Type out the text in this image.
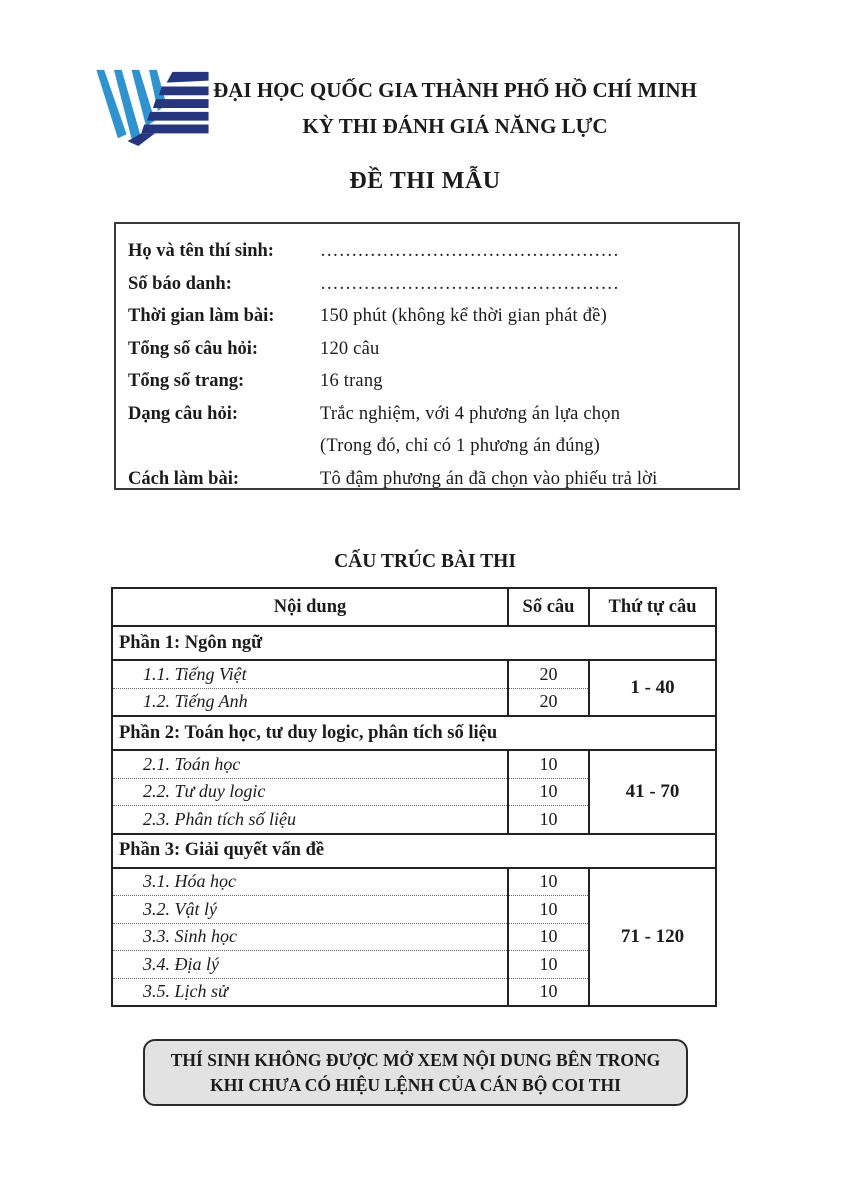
ĐẠI HỌC QUỐC GIA THÀNH PHỐ HỒ CHÍ MINH
KỲ THI ĐÁNH GIÁ NĂNG LỰC
ĐỀ THI MẪU
Họ và tên thí sinh:	…………………………………………
Số báo danh:	…………………………………………
Thời gian làm bài:	150 phút (không kể thời gian phát đề)
Tổng số câu hỏi:	120 câu
Tổng số trang:	16 trang
Dạng câu hỏi:	Trắc nghiệm, với 4 phương án lựa chọn
(Trong đó, chỉ có 1 phương án đúng)
Cách làm bài:	Tô đậm phương án đã chọn vào phiếu trả lời
CẤU TRÚC BÀI THI
Nội dung	Số câu	Thứ tự câu
Phần 1: Ngôn ngữ		
1.1. Tiếng Việt	20	1 - 40
1.2. Tiếng Anh	20	
Phần 2: Toán học, tư duy logic, phân tích số liệu		
2.1. Toán học	10	41 - 70
2.2. Tư duy logic	10	
2.3. Phân tích số liệu	10	
Phần 3: Giải quyết vấn đề		
3.1. Hóa học	10	71 - 120
3.2. Vật lý	10	
3.3. Sinh học	10	
3.4. Địa lý	10	
3.5. Lịch sử	10	
THÍ SINH KHÔNG ĐƯỢC MỞ XEM NỘI DUNG BÊN TRONG
KHI CHƯA CÓ HIỆU LỆNH CỦA CÁN BỘ COI THI
